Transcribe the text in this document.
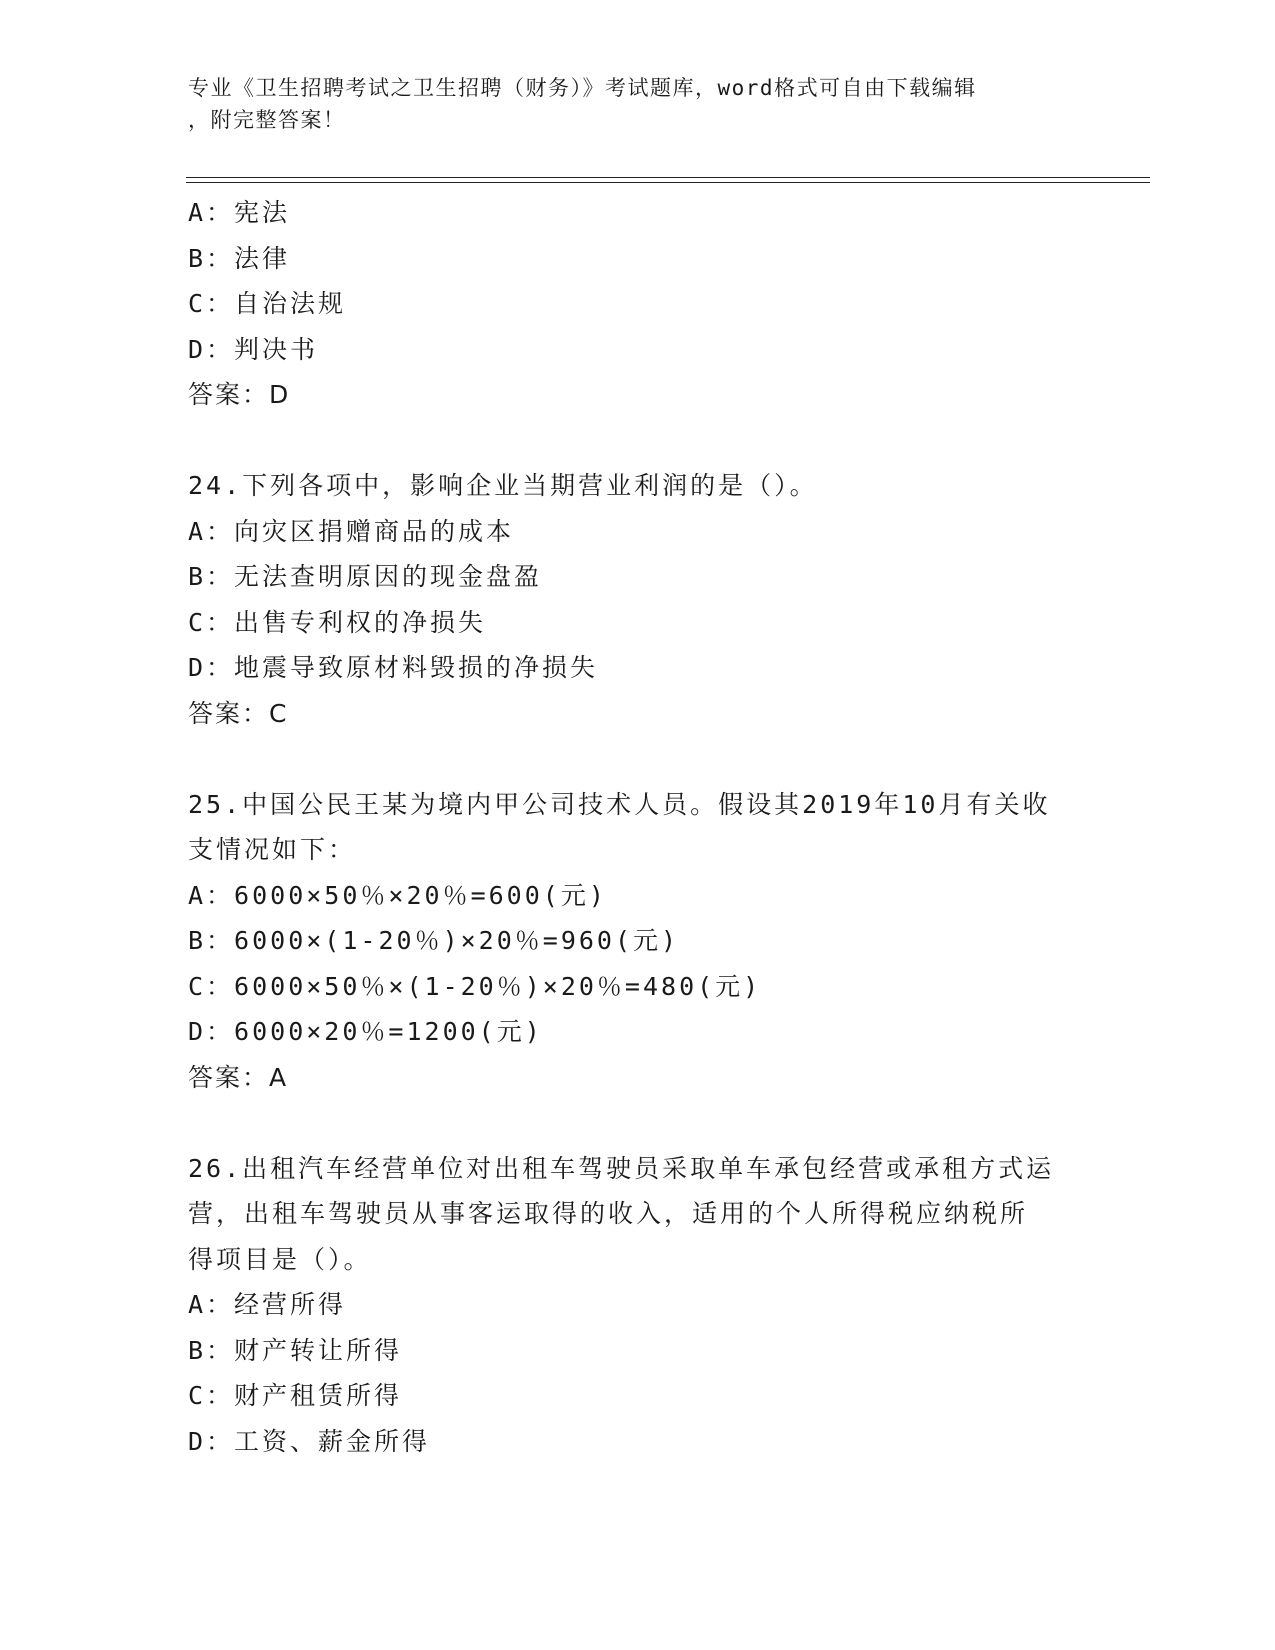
专业《卫生招聘考试之卫生招聘（财务）》考试题库，word格式可自由下载编辑
，附完整答案！
A：宪法
B：法律
C：自治法规
D：判决书
答案：D
24.下列各项中，影响企业当期营业利润的是（）。
A：向灾区捐赠商品的成本
B：无法查明原因的现金盘盈
C：出售专利权的净损失
D：地震导致原材料毁损的净损失
答案：C
25.中国公民王某为境内甲公司技术人员。假设其2019年10月有关收
支情况如下：
A：6000×50％×20％=600(元)
B：6000×(1-20％)×20％=960(元)
C：6000×50％×(1-20％)×20％=480(元)
D：6000×20％=1200(元)
答案：A
26.出租汽车经营单位对出租车驾驶员采取单车承包经营或承租方式运
营，出租车驾驶员从事客运取得的收入，适用的个人所得税应纳税所
得项目是（）。
A：经营所得
B：财产转让所得
C：财产租赁所得
D：工资、薪金所得
